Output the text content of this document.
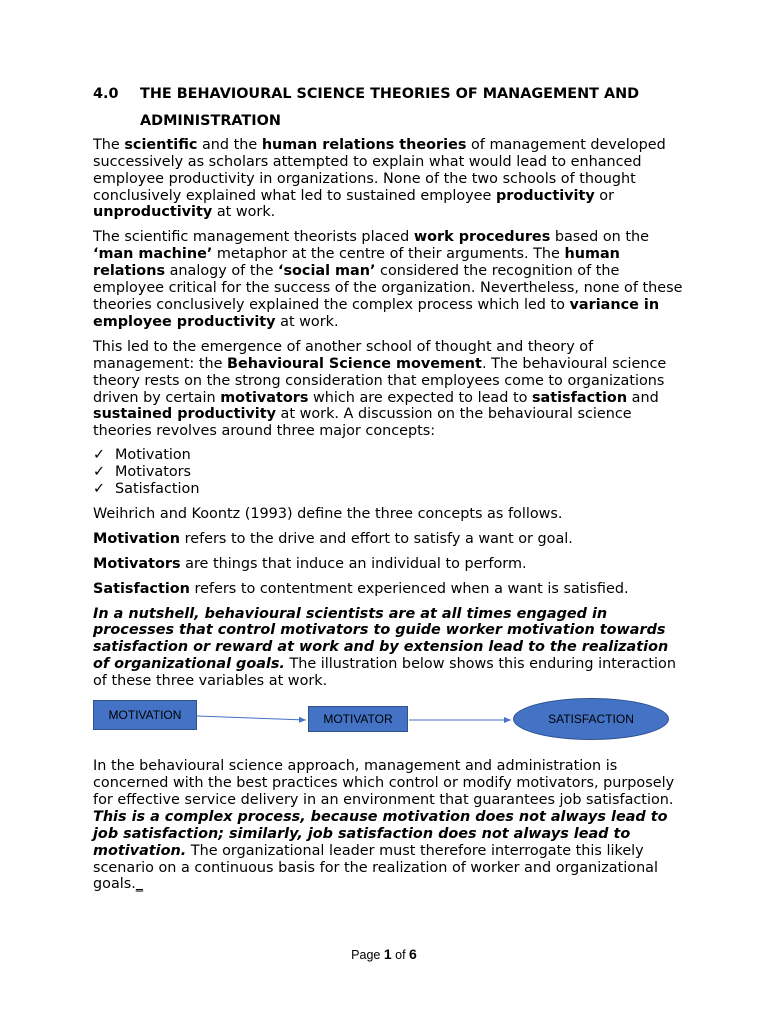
4.0 THE BEHAVIOURAL SCIENCE THEORIES OF MANAGEMENT AND
ADMINISTRATION

The scientific and the human relations theories of management developed successively as scholars attempted to explain what would lead to enhanced employee productivity in organizations. None of the two schools of thought conclusively explained what led to sustained employee productivity or unproductivity at work.

The scientific management theorists placed work procedures based on the ‘man machine’ metaphor at the centre of their arguments. The human relations analogy of the ‘social man’ considered the recognition of the employee critical for the success of the organization. Nevertheless, none of these theories conclusively explained the complex process which led to variance in employee productivity at work.

This led to the emergence of another school of thought and theory of management: the Behavioural Science movement. The behavioural science theory rests on the strong consideration that employees come to organizations driven by certain motivators which are expected to lead to satisfaction and sustained productivity at work. A discussion on the behavioural science theories revolves around three major concepts:

✓ Motivation
✓ Motivators
✓ Satisfaction

Weihrich and Koontz (1993) define the three concepts as follows.

Motivation refers to the drive and effort to satisfy a want or goal.

Motivators are things that induce an individual to perform.

Satisfaction refers to contentment experienced when a want is satisfied.

In a nutshell, behavioural scientists are at all times engaged in processes that control motivators to guide worker motivation towards satisfaction or reward at work and by extension lead to the realization of organizational goals. The illustration below shows this enduring interaction of these three variables at work.

MOTIVATION	MOTIVATOR	SATISFACTION

In the behavioural science approach, management and administration is concerned with the best practices which control or modify motivators, purposely for effective service delivery in an environment that guarantees job satisfaction. This is a complex process, because motivation does not always lead to job satisfaction; similarly, job satisfaction does not always lead to motivation. The organizational leader must therefore interrogate this likely scenario on a continuous basis for the realization of worker and organizational goals._

Page 1 of 6
